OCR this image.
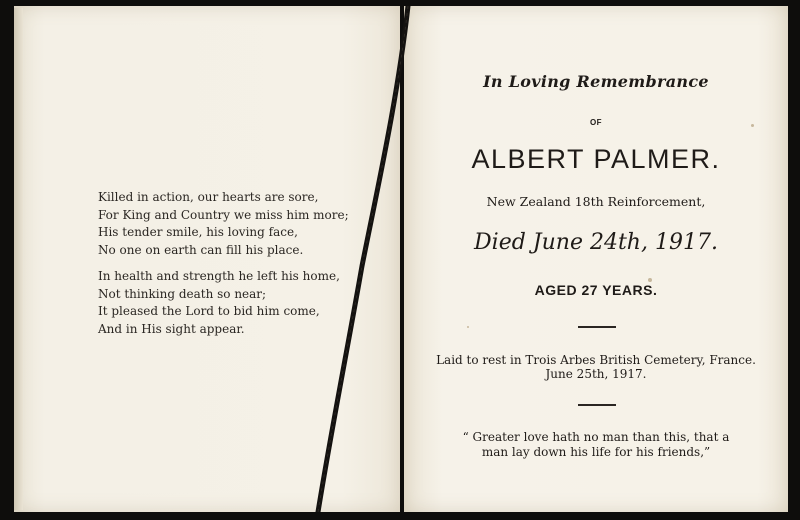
Killed in action, our hearts are sore,
For King and Country we miss him more;
His tender smile, his loving face,
No one on earth can fill his place.
In health and strength he left his home,
Not thinking death so near;
It pleased the Lord to bid him come,
And in His sight appear.
In Loving Remembrance
OF
ALBERT PALMER.
New Zealand 18th Reinforcement,
Died June 24th, 1917.
AGED 27 YEARS.
Laid to rest in Trois Arbes British Cemetery, France.
June 25th, 1917.
“ Greater love hath no man than this, that a
man lay down his life for his friends,”
